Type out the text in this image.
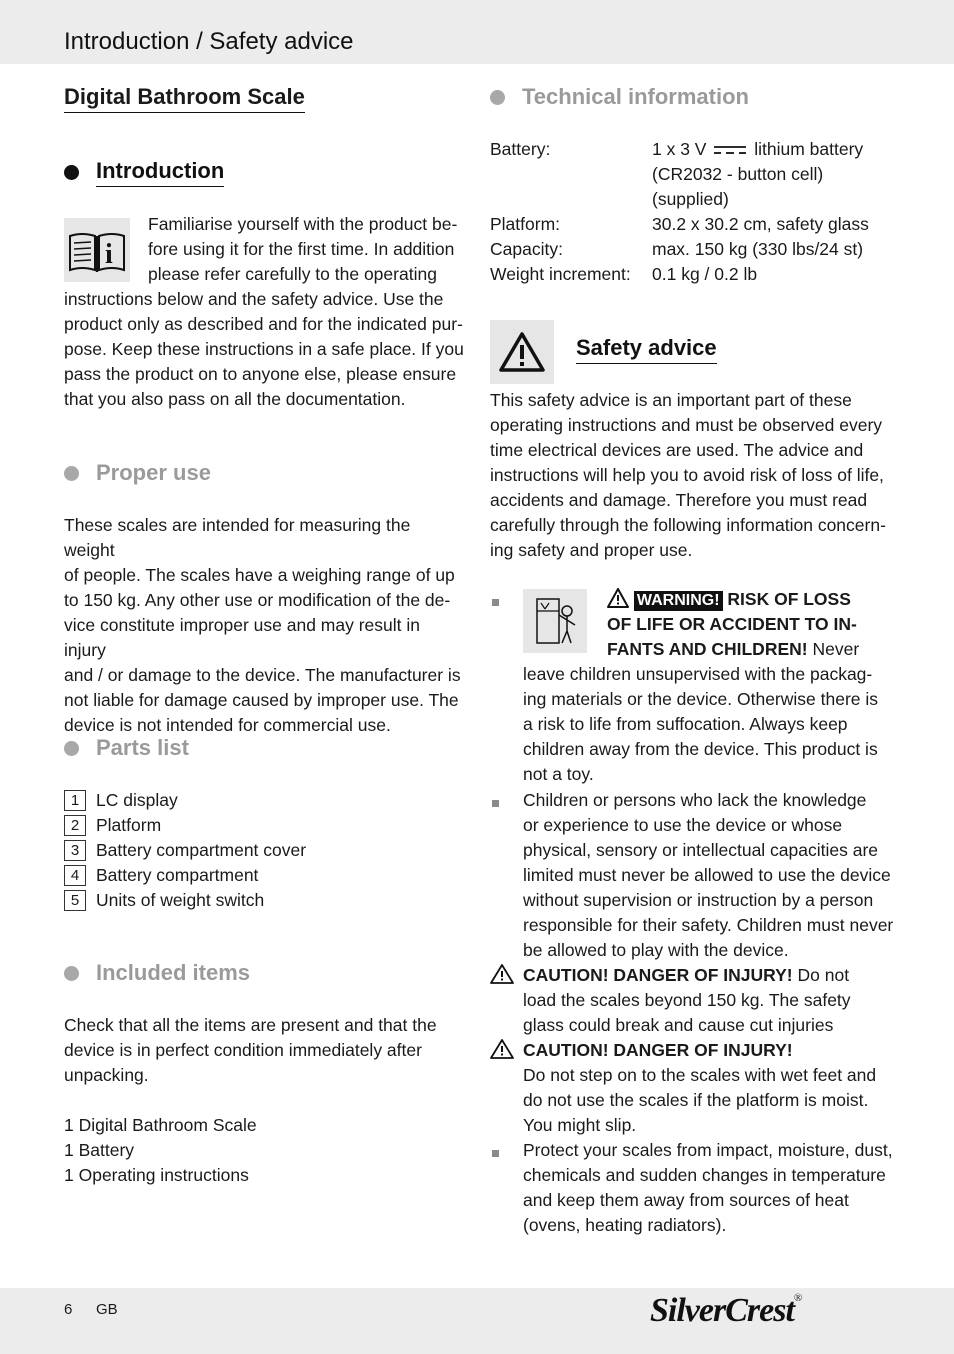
Introduction / Safety advice
Digital Bathroom Scale
Introduction
i
Familiarise yourself with the product be-
fore using it for the first time. In addition
please refer carefully to the operating
instructions below and the safety advice. Use the
product only as described and for the indicated pur-
pose. Keep these instructions in a safe place. If you
pass the product on to anyone else, please ensure
that you also pass on all the documentation.
Proper use
These scales are intended for measuring the weight
of people. The scales have a weighing range of up
to 150 kg. Any other use or modification of the de-
vice constitute improper use and may result in injury
and / or damage to the device. The manufacturer is
not liable for damage caused by improper use. The
device is not intended for commercial use.
Parts list
1 LC display
2 Platform
3 Battery compartment cover
4 Battery compartment
5 Units of weight switch
Included items
Check that all the items are present and that the
device is in perfect condition immediately after
unpacking.
1 Digital Bathroom Scale
1 Battery
1 Operating instructions
Technical information
Battery:	1 x 3 V	lithium battery
(CR2032 - button cell)
(supplied)
Platform:	30.2 x 30.2 cm, safety glass
Capacity:	max. 150 kg (330 lbs/24 st)
Weight increment:	0.1 kg / 0.2 lb
Safety advice
This safety advice is an important part of these
operating instructions and must be observed every
time electrical devices are used. The advice and
instructions will help you to avoid risk of loss of life,
accidents and damage. Therefore you must read
carefully through the following information concern-
ing safety and proper use.
WARNING! RISK OF LOSS
OF LIFE OR ACCIDENT TO IN-
FANTS AND CHILDREN! Never
leave children unsupervised with the packag-
ing materials or the device. Otherwise there is
a risk to life from suffocation. Always keep
children away from the device. This product is
not a toy.
Children or persons who lack the knowledge
or experience to use the device or whose
physical, sensory or intellectual capacities are
limited must never be allowed to use the device
without supervision or instruction by a person
responsible for their safety. Children must never
be allowed to play with the device.
CAUTION! DANGER OF INJURY! Do not
load the scales beyond 150 kg. The safety
glass could break and cause cut injuries
CAUTION! DANGER OF INJURY!
Do not step on to the scales with wet feet and
do not use the scales if the platform is moist.
You might slip.
Protect your scales from impact, moisture, dust,
chemicals and sudden changes in temperature
and keep them away from sources of heat
(ovens, heating radiators).
6 GB	SilverCrest®
